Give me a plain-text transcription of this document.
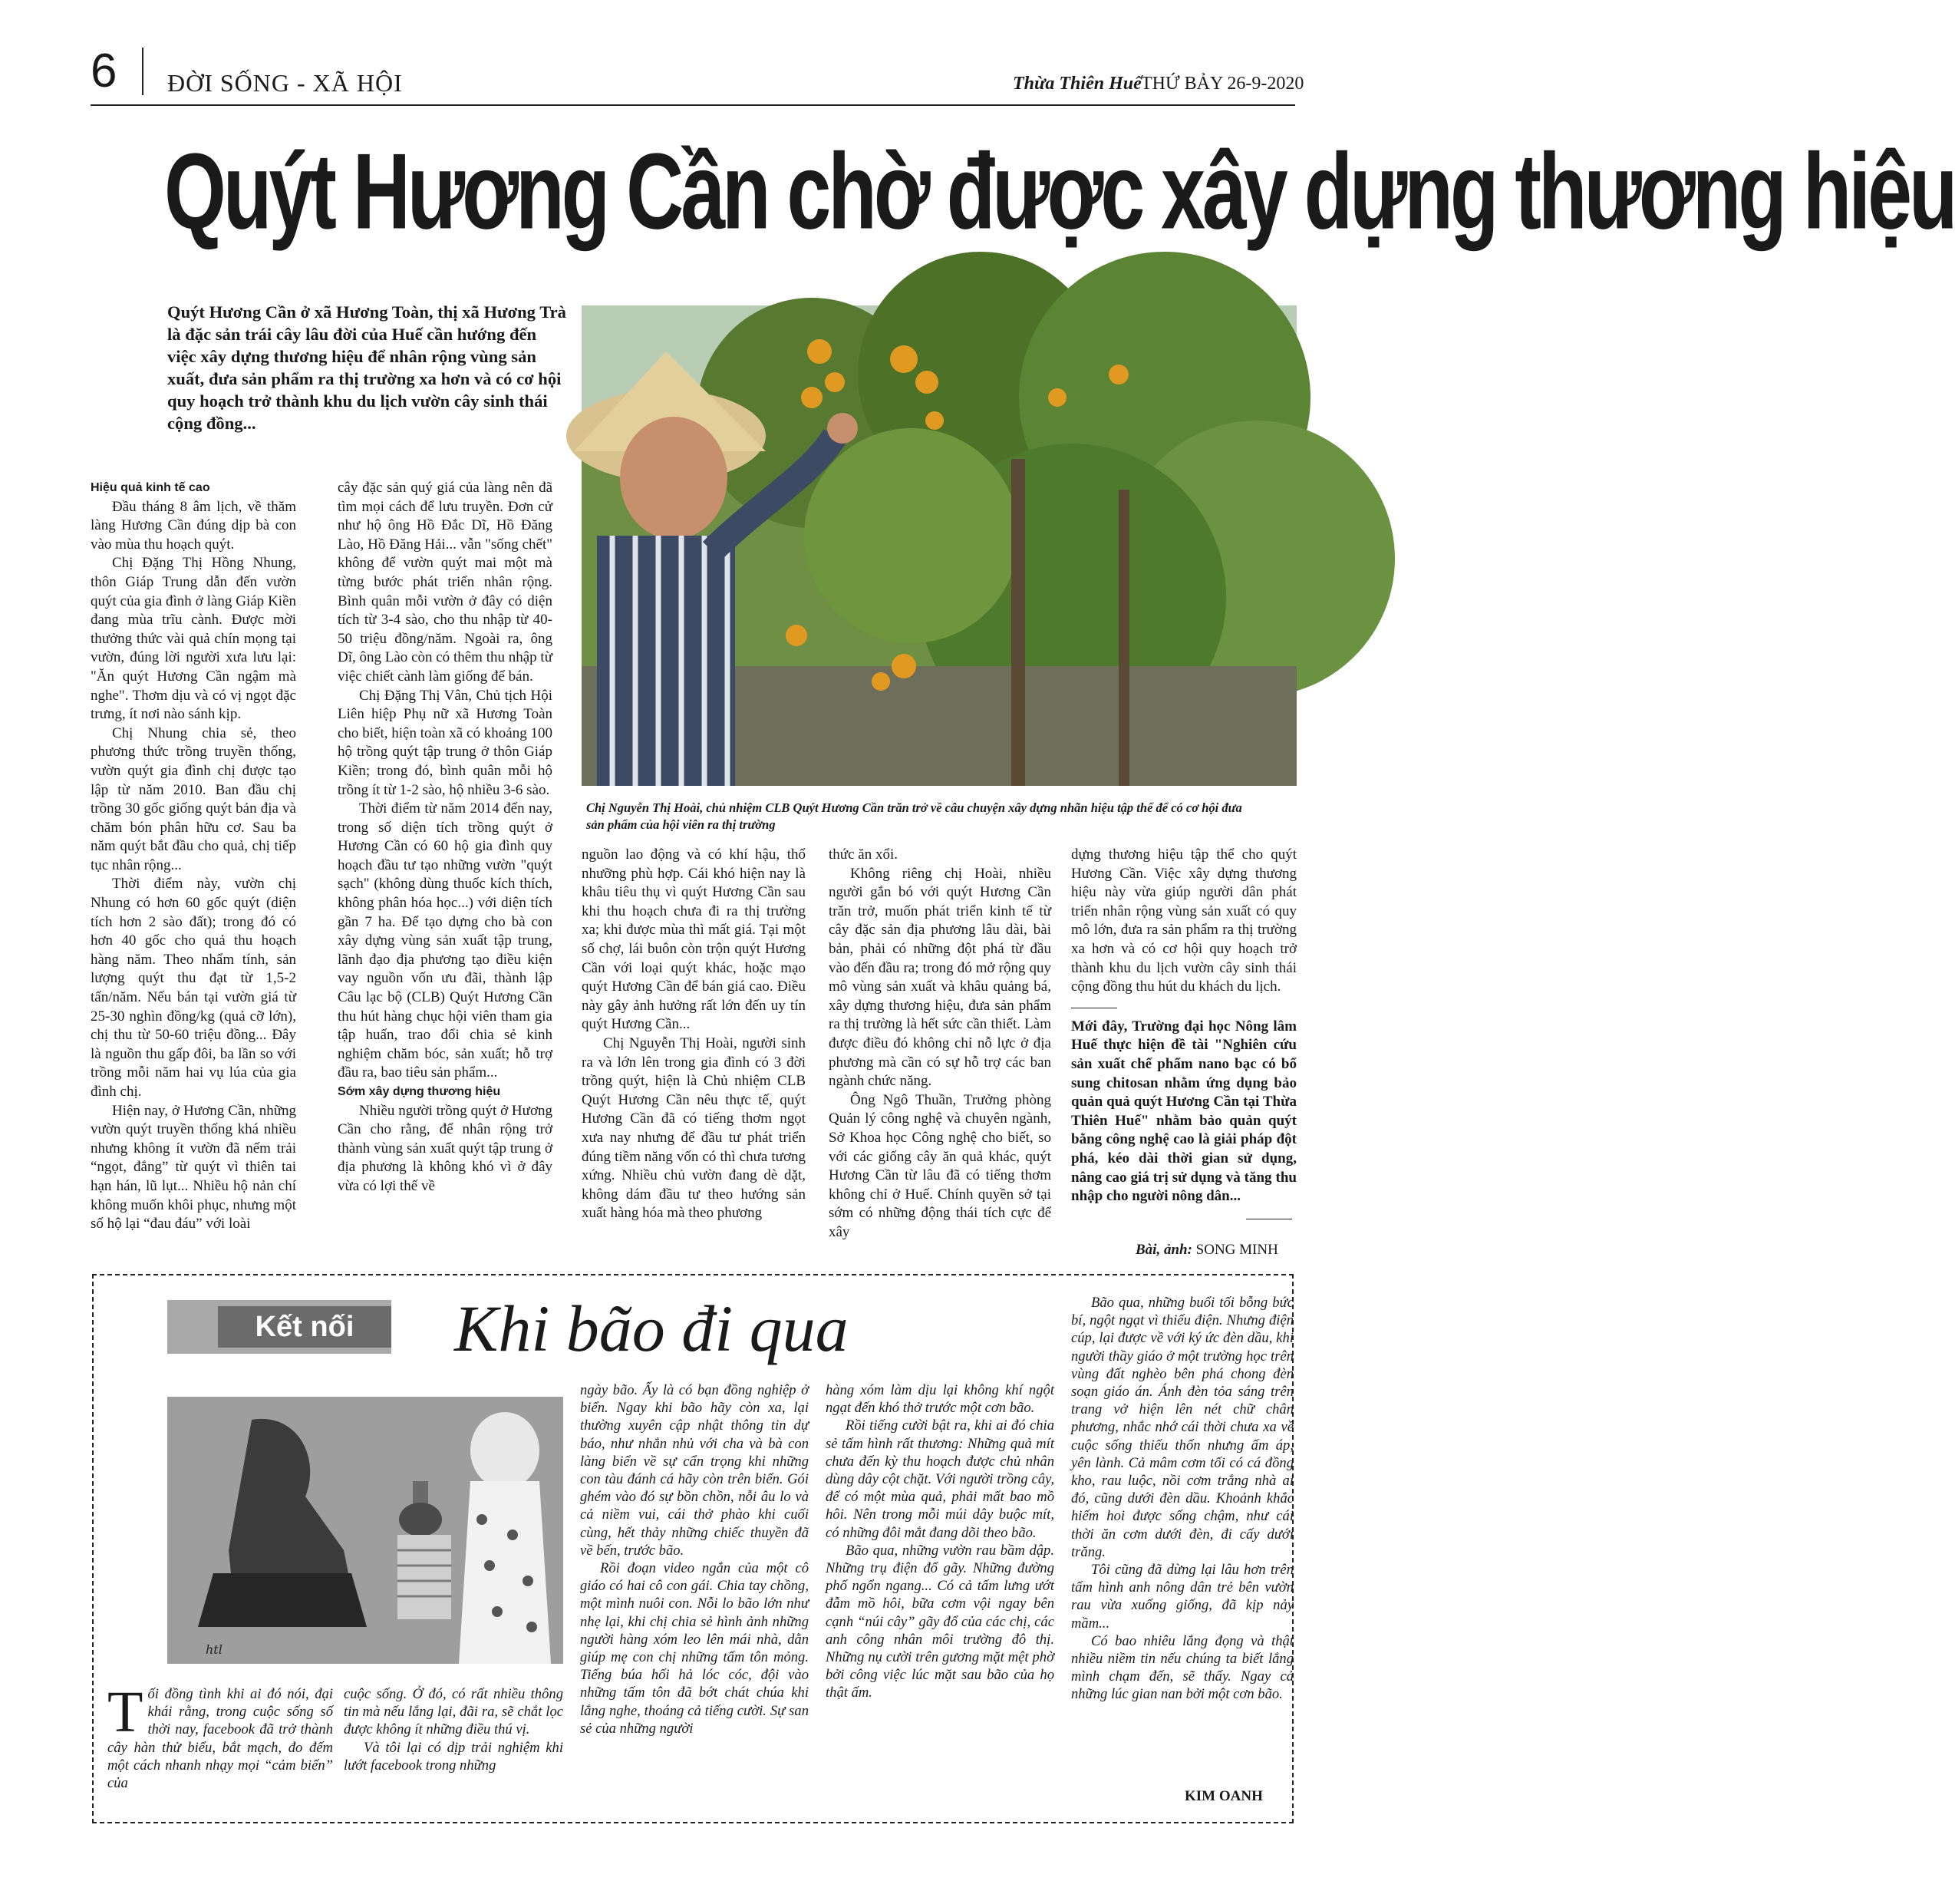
6 ĐỜI SỐNG - XÃ HỘI	Thừa Thiên Huế THỨ BẢY 26-9-2020
Quýt Hương Cần chờ được xây dựng thương hiệu
Quýt Hương Cần ở xã Hương Toàn, thị xã Hương Trà là đặc sản trái cây lâu đời của Huế cần hướng đến việc xây dựng thương hiệu để nhân rộng vùng sản xuất, đưa sản phẩm ra thị trường xa hơn và có cơ hội quy hoạch trở thành khu du lịch vườn cây sinh thái cộng đồng...
Chị Nguyễn Thị Hoài, chủ nhiệm CLB Quýt Hương Cần trăn trở về câu chuyện xây dựng nhãn hiệu tập thể để có cơ hội đưa sản phẩm của hội viên ra thị trường
Hiệu quả kinh tế cao

Đầu tháng 8 âm lịch, về thăm làng Hương Cần đúng dịp bà con vào mùa thu hoạch quýt.

Chị Đặng Thị Hồng Nhung, thôn Giáp Trung dẫn đến vườn quýt của gia đình ở làng Giáp Kiền đang mùa trĩu cành. Được mời thưởng thức vài quả chín mọng tại vườn, đúng lời người xưa lưu lại: "Ăn quýt Hương Cần ngậm mà nghe". Thơm dịu và có vị ngọt đặc trưng, ít nơi nào sánh kịp.

Chị Nhung chia sẻ, theo phương thức trồng truyền thống, vườn quýt gia đình chị được tạo lập từ năm 2010. Ban đầu chị trồng 30 gốc giống quýt bản địa và chăm bón phân hữu cơ. Sau ba năm quýt bắt đầu cho quả, chị tiếp tục nhân rộng...

Thời điểm này, vườn chị Nhung có hơn 60 gốc quýt (diện tích hơn 2 sào đất); trong đó có hơn 40 gốc cho quả thu hoạch hàng năm. Theo nhẩm tính, sản lượng quýt thu đạt từ 1,5-2 tấn/năm. Nếu bán tại vườn giá từ 25-30 nghìn đồng/kg (quả cỡ lớn), chị thu từ 50-60 triệu đồng... Đây là nguồn thu gấp đôi, ba lần so với trồng mỗi năm hai vụ lúa của gia đình chị.

Hiện nay, ở Hương Cần, những vườn quýt truyền thống khá nhiều nhưng không ít vườn đã nếm trải “ngọt, đắng” từ quýt vì thiên tai hạn hán, lũ lụt... Nhiều hộ nản chí không muốn khôi phục, nhưng một số hộ lại “đau đáu” với loài

cây đặc sản quý giá của làng nên đã tìm mọi cách để lưu truyền. Đơn cử như hộ ông Hồ Đắc Dĩ, Hồ Đăng Lào, Hồ Đăng Hải... vẫn "sống chết" không để vườn quýt mai một mà từng bước phát triển nhân rộng. Bình quân mỗi vườn ở đây có diện tích từ 3-4 sào, cho thu nhập từ 40-50 triệu đồng/năm. Ngoài ra, ông Dĩ, ông Lào còn có thêm thu nhập từ việc chiết cành làm giống để bán.

Chị Đặng Thị Vân, Chủ tịch Hội Liên hiệp Phụ nữ xã Hương Toàn cho biết, hiện toàn xã có khoảng 100 hộ trồng quýt tập trung ở thôn Giáp Kiền; trong đó, bình quân mỗi hộ trồng ít từ 1-2 sào, hộ nhiều 3-6 sào.

Thời điểm từ năm 2014 đến nay, trong số diện tích trồng quýt ở Hương Cần có 60 hộ gia đình quy hoạch đầu tư tạo những vườn "quýt sạch" (không dùng thuốc kích thích, không phân hóa học...) với diện tích gần 7 ha. Để tạo dựng cho bà con xây dựng vùng sản xuất tập trung, lãnh đạo địa phương tạo điều kiện vay nguồn vốn ưu đãi, thành lập Câu lạc bộ (CLB) Quýt Hương Cần thu hút hàng chục hội viên tham gia tập huấn, trao đổi chia sẻ kinh nghiệm chăm bóc, sản xuất; hỗ trợ đầu ra, bao tiêu sản phẩm...

Sớm xây dựng thương hiệu

Nhiều người trồng quýt ở Hương Cần cho rằng, để nhân rộng trở thành vùng sản xuất quýt tập trung ở địa phương là không khó vì ở đây vừa có lợi thế về

nguồn lao động và có khí hậu, thổ nhưỡng phù hợp. Cái khó hiện nay là khâu tiêu thụ vì quýt Hương Cần sau khi thu hoạch chưa đi ra thị trường xa; khi được mùa thì mất giá. Tại một số chợ, lái buôn còn trộn quýt Hương Cần với loại quýt khác, hoặc mạo quýt Hương Cần để bán giá cao. Điều này gây ảnh hưởng rất lớn đến uy tín quýt Hương Cần...

Chị Nguyễn Thị Hoài, người sinh ra và lớn lên trong gia đình có 3 đời trồng quýt, hiện là Chủ nhiệm CLB Quýt Hương Cần nêu thực tế, quýt Hương Cần đã có tiếng thơm ngọt xưa nay nhưng để đầu tư phát triển đúng tiềm năng vốn có thì chưa tương xứng. Nhiều chủ vườn đang dè dặt, không dám đầu tư theo hướng sản xuất hàng hóa mà theo phương

thức ăn xổi.

Không riêng chị Hoài, nhiều người gắn bó với quýt Hương Cần trăn trở, muốn phát triển kinh tế từ cây đặc sản địa phương lâu dài, bài bản, phải có những đột phá từ đầu vào đến đầu ra; trong đó mở rộng quy mô vùng sản xuất và khâu quảng bá, xây dựng thương hiệu, đưa sản phẩm ra thị trường là hết sức cần thiết. Làm được điều đó không chỉ nỗ lực ở địa phương mà cần có sự hỗ trợ các ban ngành chức năng.

Ông Ngô Thuần, Trưởng phòng Quản lý công nghệ và chuyên ngành, Sở Khoa học Công nghệ cho biết, so với các giống cây ăn quả khác, quýt Hương Cần từ lâu đã có tiếng thơm không chỉ ở Huế. Chính quyền sở tại sớm có những động thái tích cực để xây

dựng thương hiệu tập thể cho quýt Hương Cần. Việc xây dựng thương hiệu này vừa giúp người dân phát triển nhân rộng vùng sản xuất có quy mô lớn, đưa ra sản phẩm ra thị trường xa hơn và có cơ hội quy hoạch trở thành khu du lịch vườn cây sinh thái cộng đồng thu hút du khách du lịch.

Mới đây, Trường đại học Nông lâm Huế thực hiện đề tài "Nghiên cứu sản xuất chế phẩm nano bạc có bổ sung chitosan nhằm ứng dụng bảo quản quả quýt Hương Cần tại Thừa Thiên Huế" nhằm bảo quản quýt bằng công nghệ cao là giải pháp đột phá, kéo dài thời gian sử dụng, nâng cao giá trị sử dụng và tăng thu nhập cho người nông dân...

Bài, ảnh: SONG MINH
Kết nối	Khi bão đi qua
htl

Tối đồng tình khi ai đó nói, đại khái rằng, trong cuộc sống số thời nay, facebook đã trở thành cây hàn thử biểu, bắt mạch, đo đếm một cách nhanh nhạy mọi “cảm biến” của

cuộc sống. Ở đó, có rất nhiều thông tin mà nếu lắng lại, đãi ra, sẽ chắt lọc được không ít những điều thú vị.

Và tôi lại có dịp trải nghiệm khi lướt facebook trong những

ngày bão. Ấy là có bạn đồng nghiệp ở biển. Ngay khi bão hãy còn xa, lại thường xuyên cập nhật thông tin dự báo, như nhắn nhủ với cha và bà con làng biển về sự cẩn trọng khi những con tàu đánh cá hãy còn trên biển. Gói ghém vào đó sự bồn chồn, nỗi âu lo và cả niềm vui, cái thở phào khi cuối cùng, hết thảy những chiếc thuyền đã về bến, trước bão.

Rồi đoạn video ngắn của một cô giáo có hai cô con gái. Chia tay chồng, một mình nuôi con. Nỗi lo bão lớn như nhẹ lại, khi chị chia sẻ hình ảnh những người hàng xóm leo lên mái nhà, dằn giúp mẹ con chị những tấm tôn mỏng. Tiếng búa hối hả lóc cóc, đội vào những tấm tôn đã bớt chát chúa khi lắng nghe, thoáng cả tiếng cười. Sự san sẻ của những người

hàng xóm làm dịu lại không khí ngột ngạt đến khó thở trước một cơn bão.

Rồi tiếng cười bật ra, khi ai đó chia sẻ tấm hình rất thương: Những quả mít chưa đến kỳ thu hoạch được chủ nhân dùng dây cột chặt. Với người trồng cây, để có một mùa quả, phải mất bao mồ hôi. Nên trong mỗi múi dây buộc mít, có những đôi mắt đang dõi theo bão.

Bão qua, những vườn rau bầm dập. Những trụ điện đổ gãy. Những đường phố ngổn ngang... Có cả tấm lưng ướt đẫm mồ hôi, bữa cơm vội ngay bên cạnh “núi cây” gãy đổ của các chị, các anh công nhân môi trường đô thị. Những nụ cười trên gương mặt mệt phờ bởi công việc lúc mặt sau bão của họ thật ấm.

Bão qua, những buổi tối bỗng bức bí, ngột ngạt vì thiếu điện. Nhưng điện cúp, lại được về với ký ức đèn dầu, khi người thầy giáo ở một trường học trên vùng đất nghèo bên phá chong đèn soạn giáo án. Ánh đèn tỏa sáng trên trang vở hiện lên nét chữ chân phương, nhắc nhớ cái thời chưa xa về cuộc sống thiếu thốn nhưng ấm áp, yên lành. Cả mâm cơm tối có cá đồng kho, rau luộc, nồi cơm trắng nhà ai đó, cũng dưới đèn dầu. Khoảnh khắc hiếm hoi được sống chậm, như cái thời ăn cơm dưới đèn, đi cấy dưới trăng.

Tôi cũng đã dừng lại lâu hơn trên tấm hình anh nông dân trẻ bên vườn rau vừa xuống giống, đã kịp nảy mầm...

Có bao nhiêu lắng đọng và thật nhiều niềm tin nếu chúng ta biết lắng mình chạm đến, sẽ thấy. Ngay cả những lúc gian nan bởi một cơn bão.

KIM OANH
